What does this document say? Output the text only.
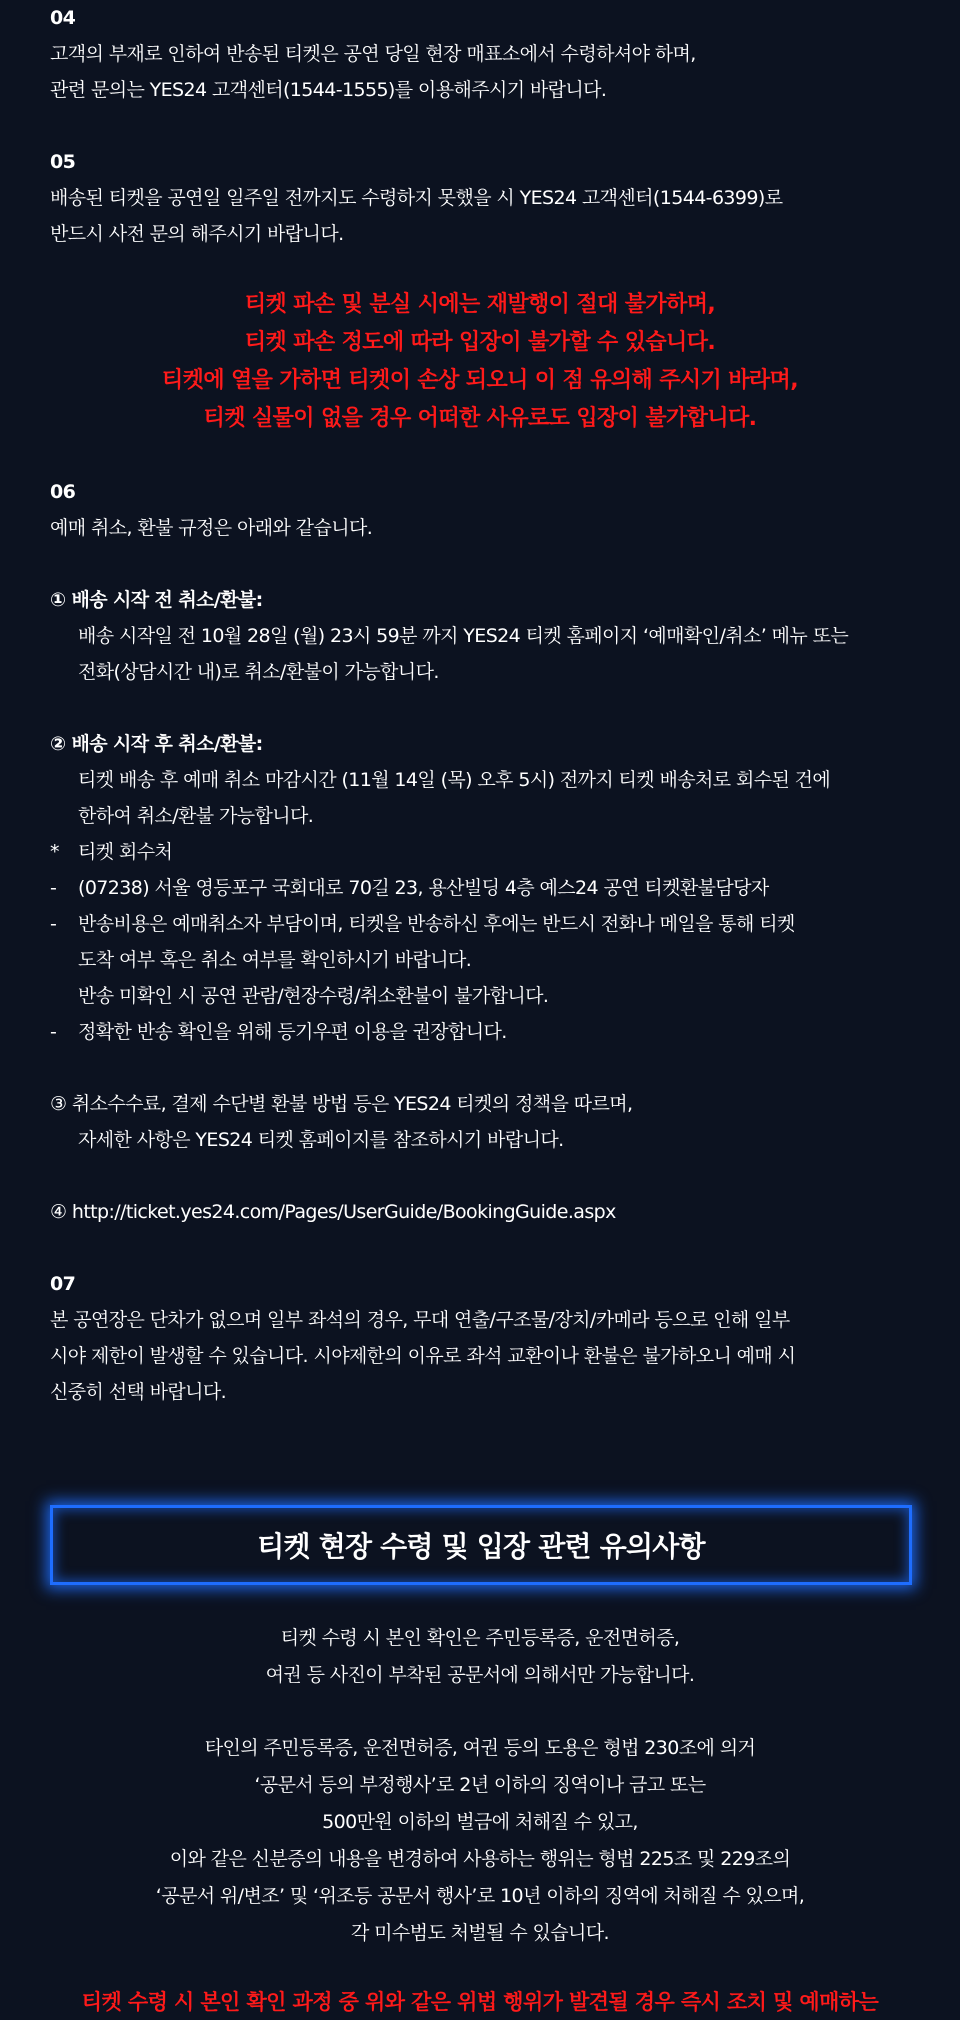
04
고객의 부재로 인하여 반송된 티켓은 공연 당일 현장 매표소에서 수령하셔야 하며,
관련 문의는 YES24 고객센터(1544-1555)를 이용해주시기 바랍니다.
05
배송된 티켓을 공연일 일주일 전까지도 수령하지 못했을 시 YES24 고객센터(1544-6399)로
반드시 사전 문의 해주시기 바랍니다.
티켓 파손 및 분실 시에는 재발행이 절대 불가하며,
티켓 파손 정도에 따라 입장이 불가할 수 있습니다.
티켓에 열을 가하면 티켓이 손상 되오니 이 점 유의해 주시기 바라며,
티켓 실물이 없을 경우 어떠한 사유로도 입장이 불가합니다.
06
예매 취소, 환불 규정은 아래와 같습니다.
① 배송 시작 전 취소/환불:
배송 시작일 전 10월 28일 (월) 23시 59분 까지 YES24 티켓 홈페이지 ‘예매확인/취소’ 메뉴 또는
전화(상담시간 내)로 취소/환불이 가능합니다.
② 배송 시작 후 취소/환불:
티켓 배송 후 예매 취소 마감시간 (11월 14일 (목) 오후 5시) 전까지 티켓 배송처로 회수된 건에
한하여 취소/환불 가능합니다.
*	티켓 회수처
-	(07238) 서울 영등포구 국회대로 70길 23, 용산빌딩 4층 예스24 공연 티켓환불담당자
-	반송비용은 예매취소자 부담이며, 티켓을 반송하신 후에는 반드시 전화나 메일을 통해 티켓
도착 여부 혹은 취소 여부를 확인하시기 바랍니다.
반송 미확인 시 공연 관람/현장수령/취소환불이 불가합니다.
-	정확한 반송 확인을 위해 등기우편 이용을 권장합니다.
③ 취소수수료, 결제 수단별 환불 방법 등은 YES24 티켓의 정책을 따르며,
자세한 사항은 YES24 티켓 홈페이지를 참조하시기 바랍니다.
④ http://ticket.yes24.com/Pages/UserGuide/BookingGuide.aspx
07
본 공연장은 단차가 없으며 일부 좌석의 경우, 무대 연출/구조물/장치/카메라 등으로 인해 일부
시야 제한이 발생할 수 있습니다. 시야제한의 이유로 좌석 교환이나 환불은 불가하오니 예매 시
신중히 선택 바랍니다.
티켓 현장 수령 및 입장 관련 유의사항
티켓 수령 시 본인 확인은 주민등록증, 운전면허증,
여권 등 사진이 부착된 공문서에 의해서만 가능합니다.
타인의 주민등록증, 운전면허증, 여권 등의 도용은 형법 230조에 의거
‘공문서 등의 부정행사’로 2년 이하의 징역이나 금고 또는
500만원 이하의 벌금에 처해질 수 있고,
이와 같은 신분증의 내용을 변경하여 사용하는 행위는 형법 225조 및 229조의
‘공문서 위/변조’ 및 ‘위조등 공문서 행사’로 10년 이하의 징역에 처해질 수 있으며,
각 미수범도 처벌될 수 있습니다.
티켓 수령 시 본인 확인 과정 중 위와 같은 위법 행위가 발견될 경우 즉시 조치 및 예매하는
